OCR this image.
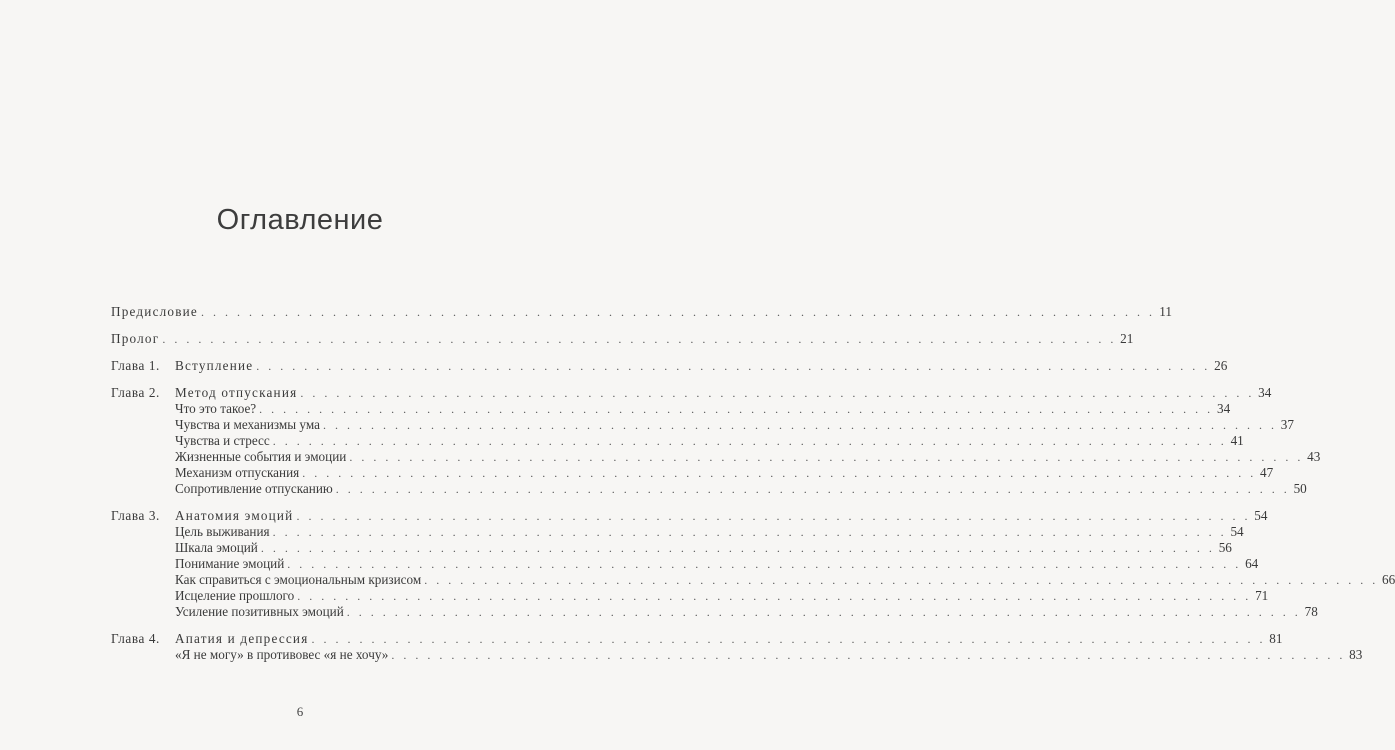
Оглавление
Предисловие . . . . . . . . . . . . . . . . . . . . . . . . . . . . . . . . . . . . . . . . . . . . . . . . . . . . . . . . . . . . . . . . . . . . . . . . . . . . . . . . 11
Пролог . . . . . . . . . . . . . . . . . . . . . . . . . . . . . . . . . . . . . . . . . . . . . . . . . . . . . . . . . . . . . . . . . . . . . . . . . . . . . . . . 21
Глава 1.	Вступление . . . . . . . . . . . . . . . . . . . . . . . . . . . . . . . . . . . . . . . . . . . . . . . . . . . . . . . . . . . . . . . . . . . . . . . . . . . . . . . . 26
Глава 2.	Метод отпускания . . . . . . . . . . . . . . . . . . . . . . . . . . . . . . . . . . . . . . . . . . . . . . . . . . . . . . . . . . . . . . . . . . . . . . . . . . . . . . . . 34
Что это такое? . . . . . . . . . . . . . . . . . . . . . . . . . . . . . . . . . . . . . . . . . . . . . . . . . . . . . . . . . . . . . . . . . . . . . . . . . . . . . . . . 34
Чувства и механизмы ума . . . . . . . . . . . . . . . . . . . . . . . . . . . . . . . . . . . . . . . . . . . . . . . . . . . . . . . . . . . . . . . . . . . . . . . . . . . . . . . . 37
Чувства и стресс . . . . . . . . . . . . . . . . . . . . . . . . . . . . . . . . . . . . . . . . . . . . . . . . . . . . . . . . . . . . . . . . . . . . . . . . . . . . . . . . 41
Жизненные события и эмоции . . . . . . . . . . . . . . . . . . . . . . . . . . . . . . . . . . . . . . . . . . . . . . . . . . . . . . . . . . . . . . . . . . . . . . . . . . . . . . . . 43
Механизм отпускания . . . . . . . . . . . . . . . . . . . . . . . . . . . . . . . . . . . . . . . . . . . . . . . . . . . . . . . . . . . . . . . . . . . . . . . . . . . . . . . . 47
Сопротивление отпусканию . . . . . . . . . . . . . . . . . . . . . . . . . . . . . . . . . . . . . . . . . . . . . . . . . . . . . . . . . . . . . . . . . . . . . . . . . . . . . . . . 50
Глава 3.	Анатомия эмоций . . . . . . . . . . . . . . . . . . . . . . . . . . . . . . . . . . . . . . . . . . . . . . . . . . . . . . . . . . . . . . . . . . . . . . . . . . . . . . . . 54
Цель выживания . . . . . . . . . . . . . . . . . . . . . . . . . . . . . . . . . . . . . . . . . . . . . . . . . . . . . . . . . . . . . . . . . . . . . . . . . . . . . . . . 54
Шкала эмоций . . . . . . . . . . . . . . . . . . . . . . . . . . . . . . . . . . . . . . . . . . . . . . . . . . . . . . . . . . . . . . . . . . . . . . . . . . . . . . . . 56
Понимание эмоций . . . . . . . . . . . . . . . . . . . . . . . . . . . . . . . . . . . . . . . . . . . . . . . . . . . . . . . . . . . . . . . . . . . . . . . . . . . . . . . . 64
Как справиться с эмоциональным кризисом . . . . . . . . . . . . . . . . . . . . . . . . . . . . . . . . . . . . . . . . . . . . . . . . . . . . . . . . . . . . . . . . . . . . . . . . . . . . . . . . 66
Исцеление прошлого . . . . . . . . . . . . . . . . . . . . . . . . . . . . . . . . . . . . . . . . . . . . . . . . . . . . . . . . . . . . . . . . . . . . . . . . . . . . . . . . 71
Усиление позитивных эмоций . . . . . . . . . . . . . . . . . . . . . . . . . . . . . . . . . . . . . . . . . . . . . . . . . . . . . . . . . . . . . . . . . . . . . . . . . . . . . . . . 78
Глава 4.	Апатия и депрессия . . . . . . . . . . . . . . . . . . . . . . . . . . . . . . . . . . . . . . . . . . . . . . . . . . . . . . . . . . . . . . . . . . . . . . . . . . . . . . . . 81
«Я не могу» в противовес «я не хочу» . . . . . . . . . . . . . . . . . . . . . . . . . . . . . . . . . . . . . . . . . . . . . . . . . . . . . . . . . . . . . . . . . . . . . . . . . . . . . . . . 83
6
